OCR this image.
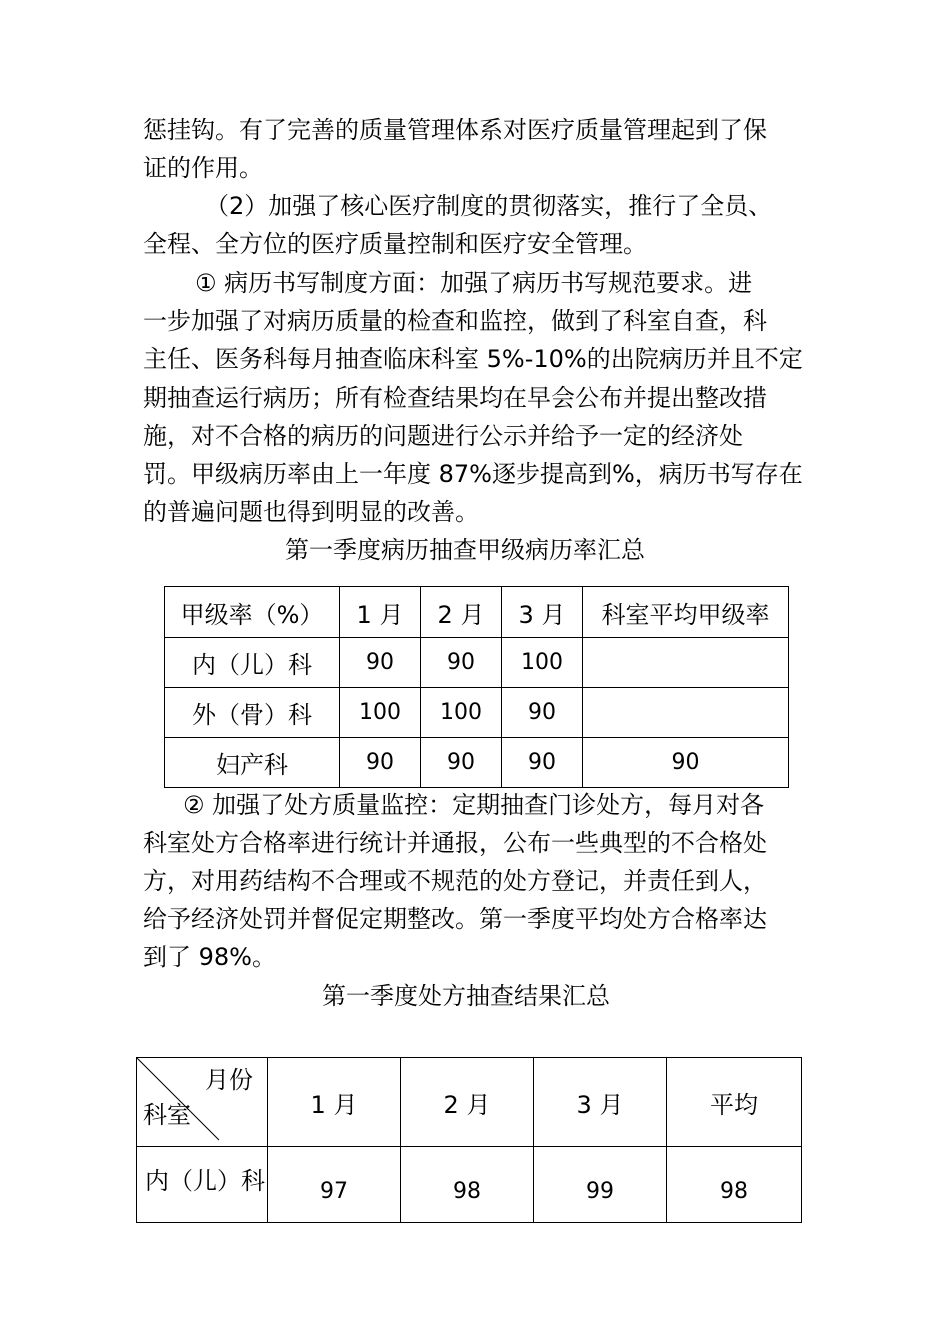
惩挂钩。有了完善的质量管理体系对医疗质量管理起到了保
证的作用。
（2）加强了核心医疗制度的贯彻落实，推行了全员、
全程、全方位的医疗质量控制和医疗安全管理。
① 病历书写制度方面：加强了病历书写规范要求。进
一步加强了对病历质量的检查和监控，做到了科室自查，科
主任、医务科每月抽查临床科室 5%-10%的出院病历并且不定
期抽查运行病历；所有检查结果均在早会公布并提出整改措
施，对不合格的病历的问题进行公示并给予一定的经济处
罚。甲级病历率由上一年度 87%逐步提高到%，病历书写存在
的普遍问题也得到明显的改善。
第一季度病历抽查甲级病历率汇总
甲级率（%）	1 月	2 月	3 月	科室平均甲级率
内（儿）科	90	90	100	
外（骨）科	100	100	90	
妇产科	90	90	90	90
② 加强了处方质量监控：定期抽查门诊处方，每月对各
科室处方合格率进行统计并通报，公布一些典型的不合格处
方，对用药结构不合理或不规范的处方登记，并责任到人，
给予经济处罚并督促定期整改。第一季度平均处方合格率达
到了 98%。
第一季度处方抽查结果汇总
月份
科室	1 月	2 月	3 月	平均
内（儿）科	97	98	99	98
